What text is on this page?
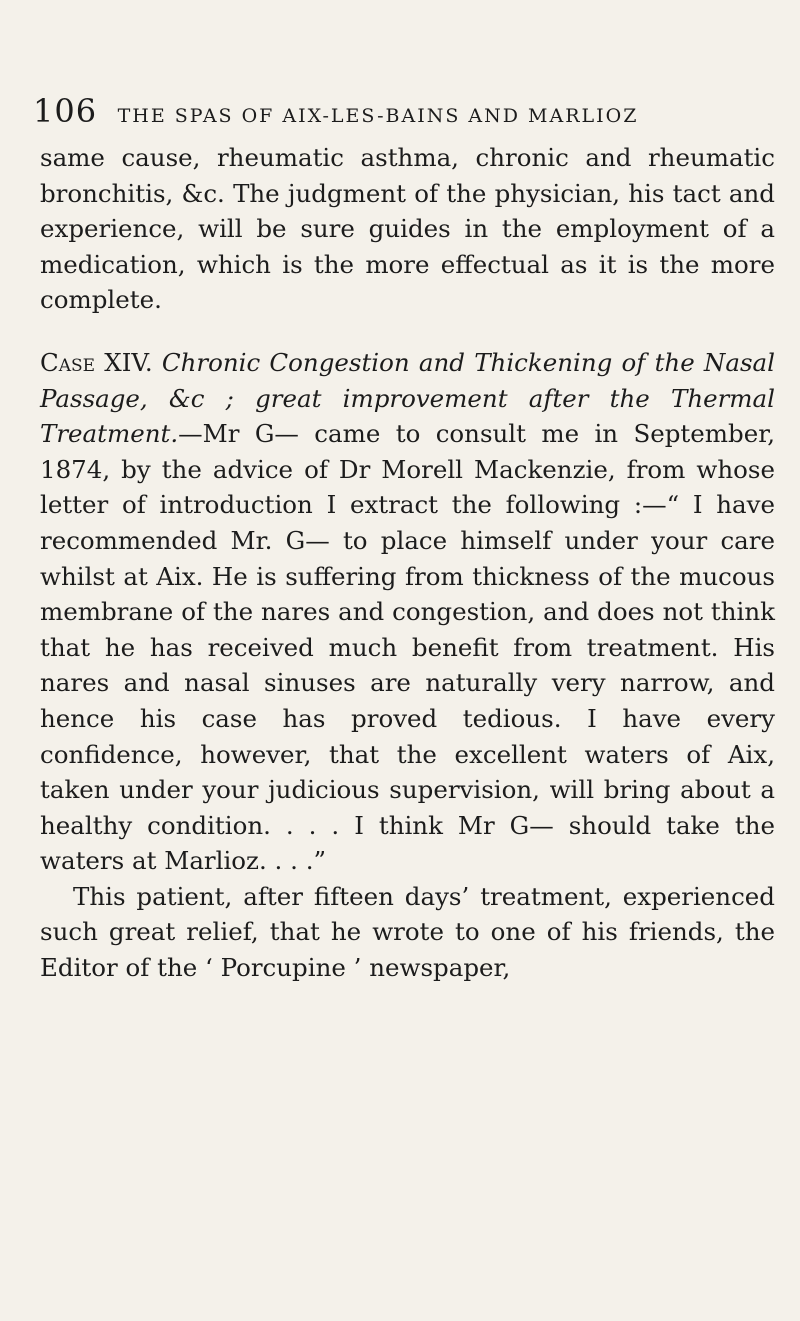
106 THE SPAS OF AIX-LES-BAINS AND MARLIOZ

same cause, rheumatic asthma, chronic and rheumatic bronchitis, &c. The judgment of the physician, his tact and experience, will be sure guides in the employment of a medication, which is the more effectual as it is the more complete.

Case XIV. Chronic Congestion and Thickening of the Nasal Passage, &c ; great improvement after the Thermal Treatment.—Mr G— came to consult me in September, 1874, by the advice of Dr Morell Mackenzie, from whose letter of introduction I extract the following :—“ I have recommended Mr. G— to place himself under your care whilst at Aix. He is suffering from thickness of the mucous membrane of the nares and congestion, and does not think that he has received much benefit from treatment. His nares and nasal sinuses are naturally very narrow, and hence his case has proved tedious. I have every confidence, however, that the excellent waters of Aix, taken under your judicious supervision, will bring about a healthy condition. . . . I think Mr G— should take the waters at Marlioz. . . .”

This patient, after fifteen days’ treatment, experienced such great relief, that he wrote to one of his friends, the Editor of the ‘ Porcupine ’ newspaper,
